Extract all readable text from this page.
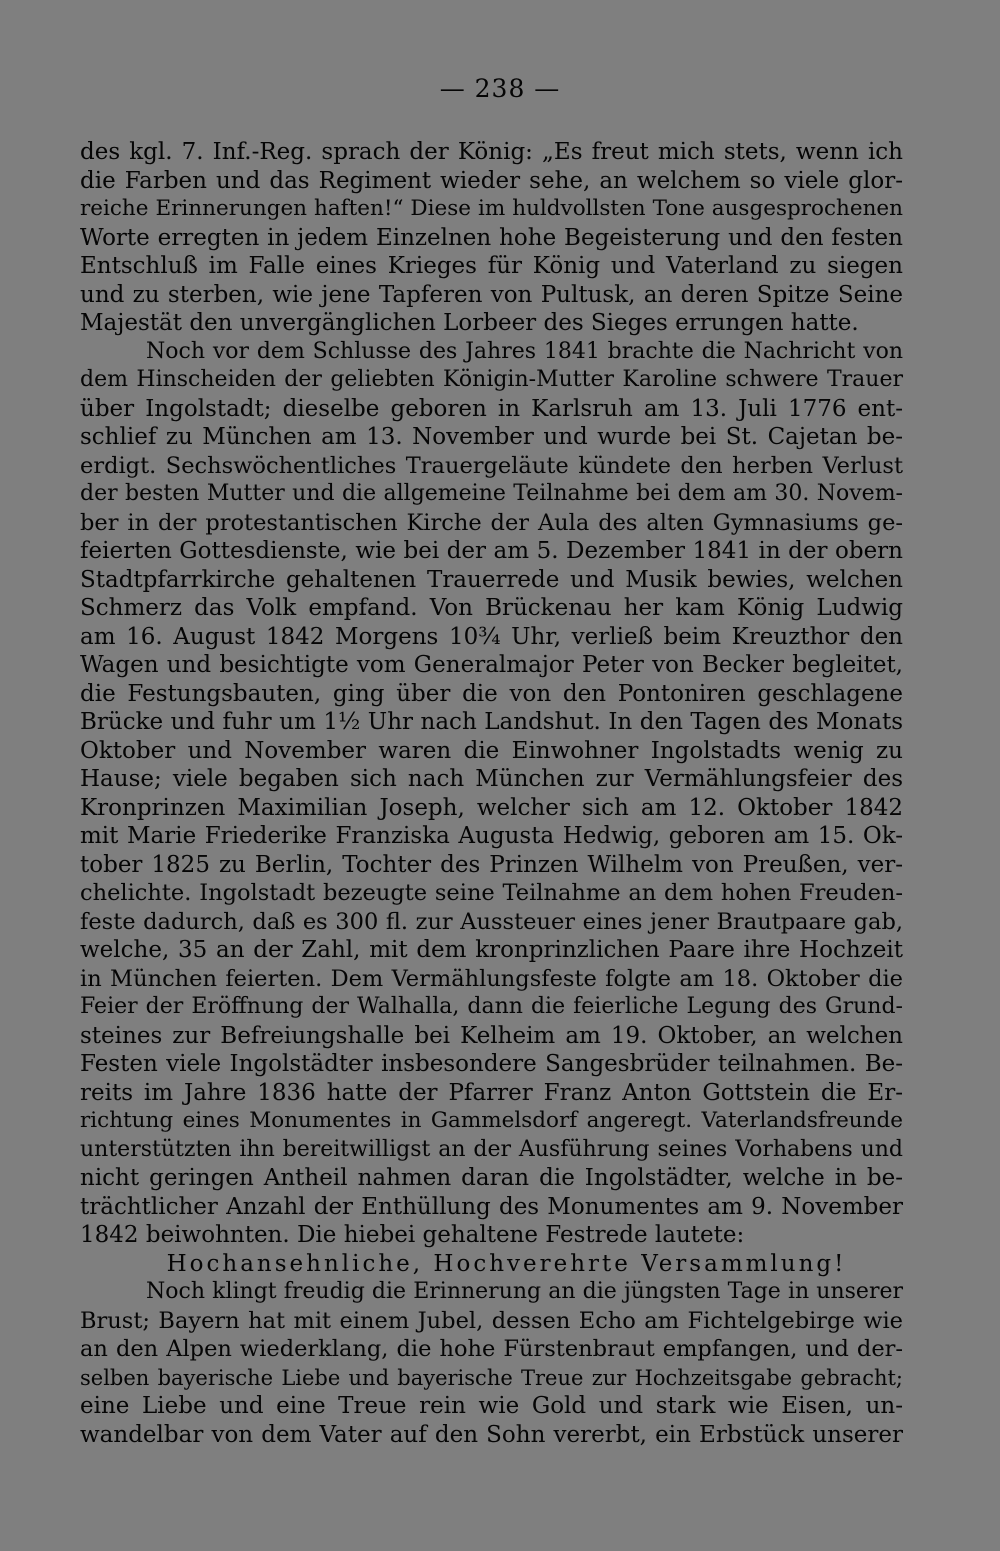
— 238 —
des kgl. 7. Inf.-Reg. sprach der König: „Es freut mich stets, wenn ich
die Farben und das Regiment wieder sehe, an welchem so viele glor-
reiche Erinnerungen haften!“ Diese im huldvollsten Tone ausgesprochenen
Worte erregten in jedem Einzelnen hohe Begeisterung und den festen
Entschluß im Falle eines Krieges für König und Vaterland zu siegen
und zu sterben, wie jene Tapferen von Pultusk, an deren Spitze Seine
Majestät den unvergänglichen Lorbeer des Sieges errungen hatte.
Noch vor dem Schlusse des Jahres 1841 brachte die Nachricht von
dem Hinscheiden der geliebten Königin-Mutter Karoline schwere Trauer
über Ingolstadt; dieselbe geboren in Karlsruh am 13. Juli 1776 ent-
schlief zu München am 13. November und wurde bei St. Cajetan be-
erdigt. Sechswöchentliches Trauergeläute kündete den herben Verlust
der besten Mutter und die allgemeine Teilnahme bei dem am 30. Novem-
ber in der protestantischen Kirche der Aula des alten Gymnasiums ge-
feierten Gottesdienste, wie bei der am 5. Dezember 1841 in der obern
Stadtpfarrkirche gehaltenen Trauerrede und Musik bewies, welchen
Schmerz das Volk empfand. Von Brückenau her kam König Ludwig
am 16. August 1842 Morgens 10¾ Uhr, verließ beim Kreuzthor den
Wagen und besichtigte vom Generalmajor Peter von Becker begleitet,
die Festungsbauten, ging über die von den Pontoniren geschlagene
Brücke und fuhr um 1½ Uhr nach Landshut. In den Tagen des Monats
Oktober und November waren die Einwohner Ingolstadts wenig zu
Hause; viele begaben sich nach München zur Vermählungsfeier des
Kronprinzen Maximilian Joseph, welcher sich am 12. Oktober 1842
mit Marie Friederike Franziska Augusta Hedwig, geboren am 15. Ok-
tober 1825 zu Berlin, Tochter des Prinzen Wilhelm von Preußen, ver-
chelichte. Ingolstadt bezeugte seine Teilnahme an dem hohen Freuden-
feste dadurch, daß es 300 fl. zur Aussteuer eines jener Brautpaare gab,
welche, 35 an der Zahl, mit dem kronprinzlichen Paare ihre Hochzeit
in München feierten. Dem Vermählungsfeste folgte am 18. Oktober die
Feier der Eröffnung der Walhalla, dann die feierliche Legung des Grund-
steines zur Befreiungshalle bei Kelheim am 19. Oktober, an welchen
Festen viele Ingolstädter insbesondere Sangesbrüder teilnahmen. Be-
reits im Jahre 1836 hatte der Pfarrer Franz Anton Gottstein die Er-
richtung eines Monumentes in Gammelsdorf angeregt. Vaterlandsfreunde
unterstützten ihn bereitwilligst an der Ausführung seines Vorhabens und
nicht geringen Antheil nahmen daran die Ingolstädter, welche in be-
trächtlicher Anzahl der Enthüllung des Monumentes am 9. November
1842 beiwohnten. Die hiebei gehaltene Festrede lautete:
Hochansehnliche, Hochverehrte Versammlung!
Noch klingt freudig die Erinnerung an die jüngsten Tage in unserer
Brust; Bayern hat mit einem Jubel, dessen Echo am Fichtelgebirge wie
an den Alpen wiederklang, die hohe Fürstenbraut empfangen, und der-
selben bayerische Liebe und bayerische Treue zur Hochzeitsgabe gebracht;
eine Liebe und eine Treue rein wie Gold und stark wie Eisen, un-
wandelbar von dem Vater auf den Sohn vererbt, ein Erbstück unserer
